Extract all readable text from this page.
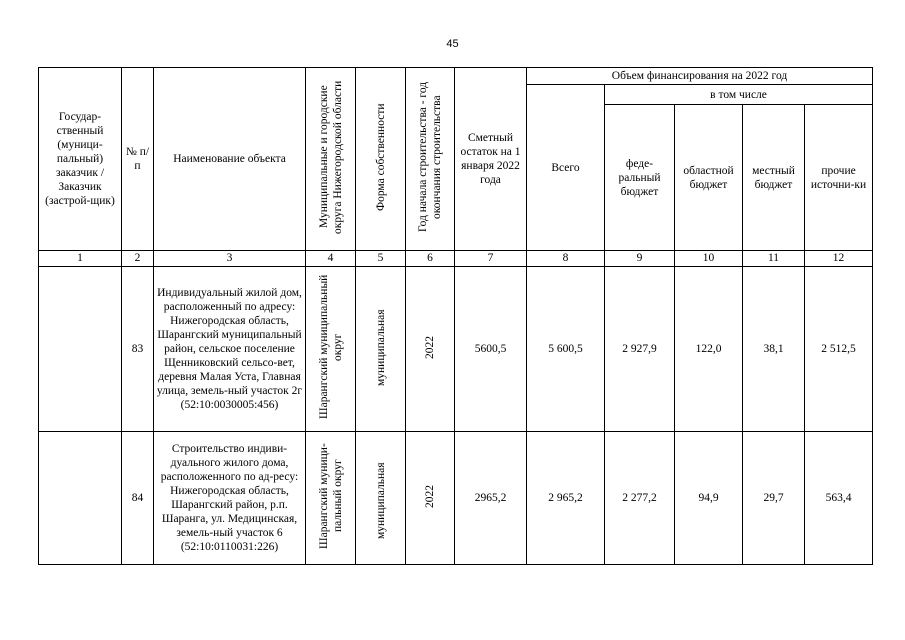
45
Государ-ственный (муници-пальный) заказчик / Заказчик (застрой-щик)	№ п/п	Наименование объекта	Муниципальные и городские округа Нижегородской области	Форма собственности	Год начала строительства - год окончания строительства	Сметный остаток на 1 января 2022 года	Объем финансирования на 2022 год				
							Всего	в том числе			
								феде-ральный бюджет	областной бюджет	местный бюджет	прочие источни-ки
1	2	3	4	5	6	7	8	9	10	11	12
	83	Индивидуальный жилой дом, расположенный по адресу: Нижегородская область, Шарангский муниципальный район, сельское поселение Щенниковский сельсо-вет, деревня Малая Уста, Главная улица, земель-ный участок 2г (52:10:0030005:456)	Шарангский муниципальный округ	муниципальная	2022	5600,5	5 600,5	2 927,9	122,0	38,1	2 512,5
	84	Строительство индиви-дуального жилого дома, расположенного по ад-ресу: Нижегородская область, Шарангский район, р.п. Шаранга, ул. Медицинская, земель-ный участок 6 (52:10:0110031:226)	Шарангский муници-пальный округ	муниципальная	2022	2965,2	2 965,2	2 277,2	94,9	29,7	563,4
